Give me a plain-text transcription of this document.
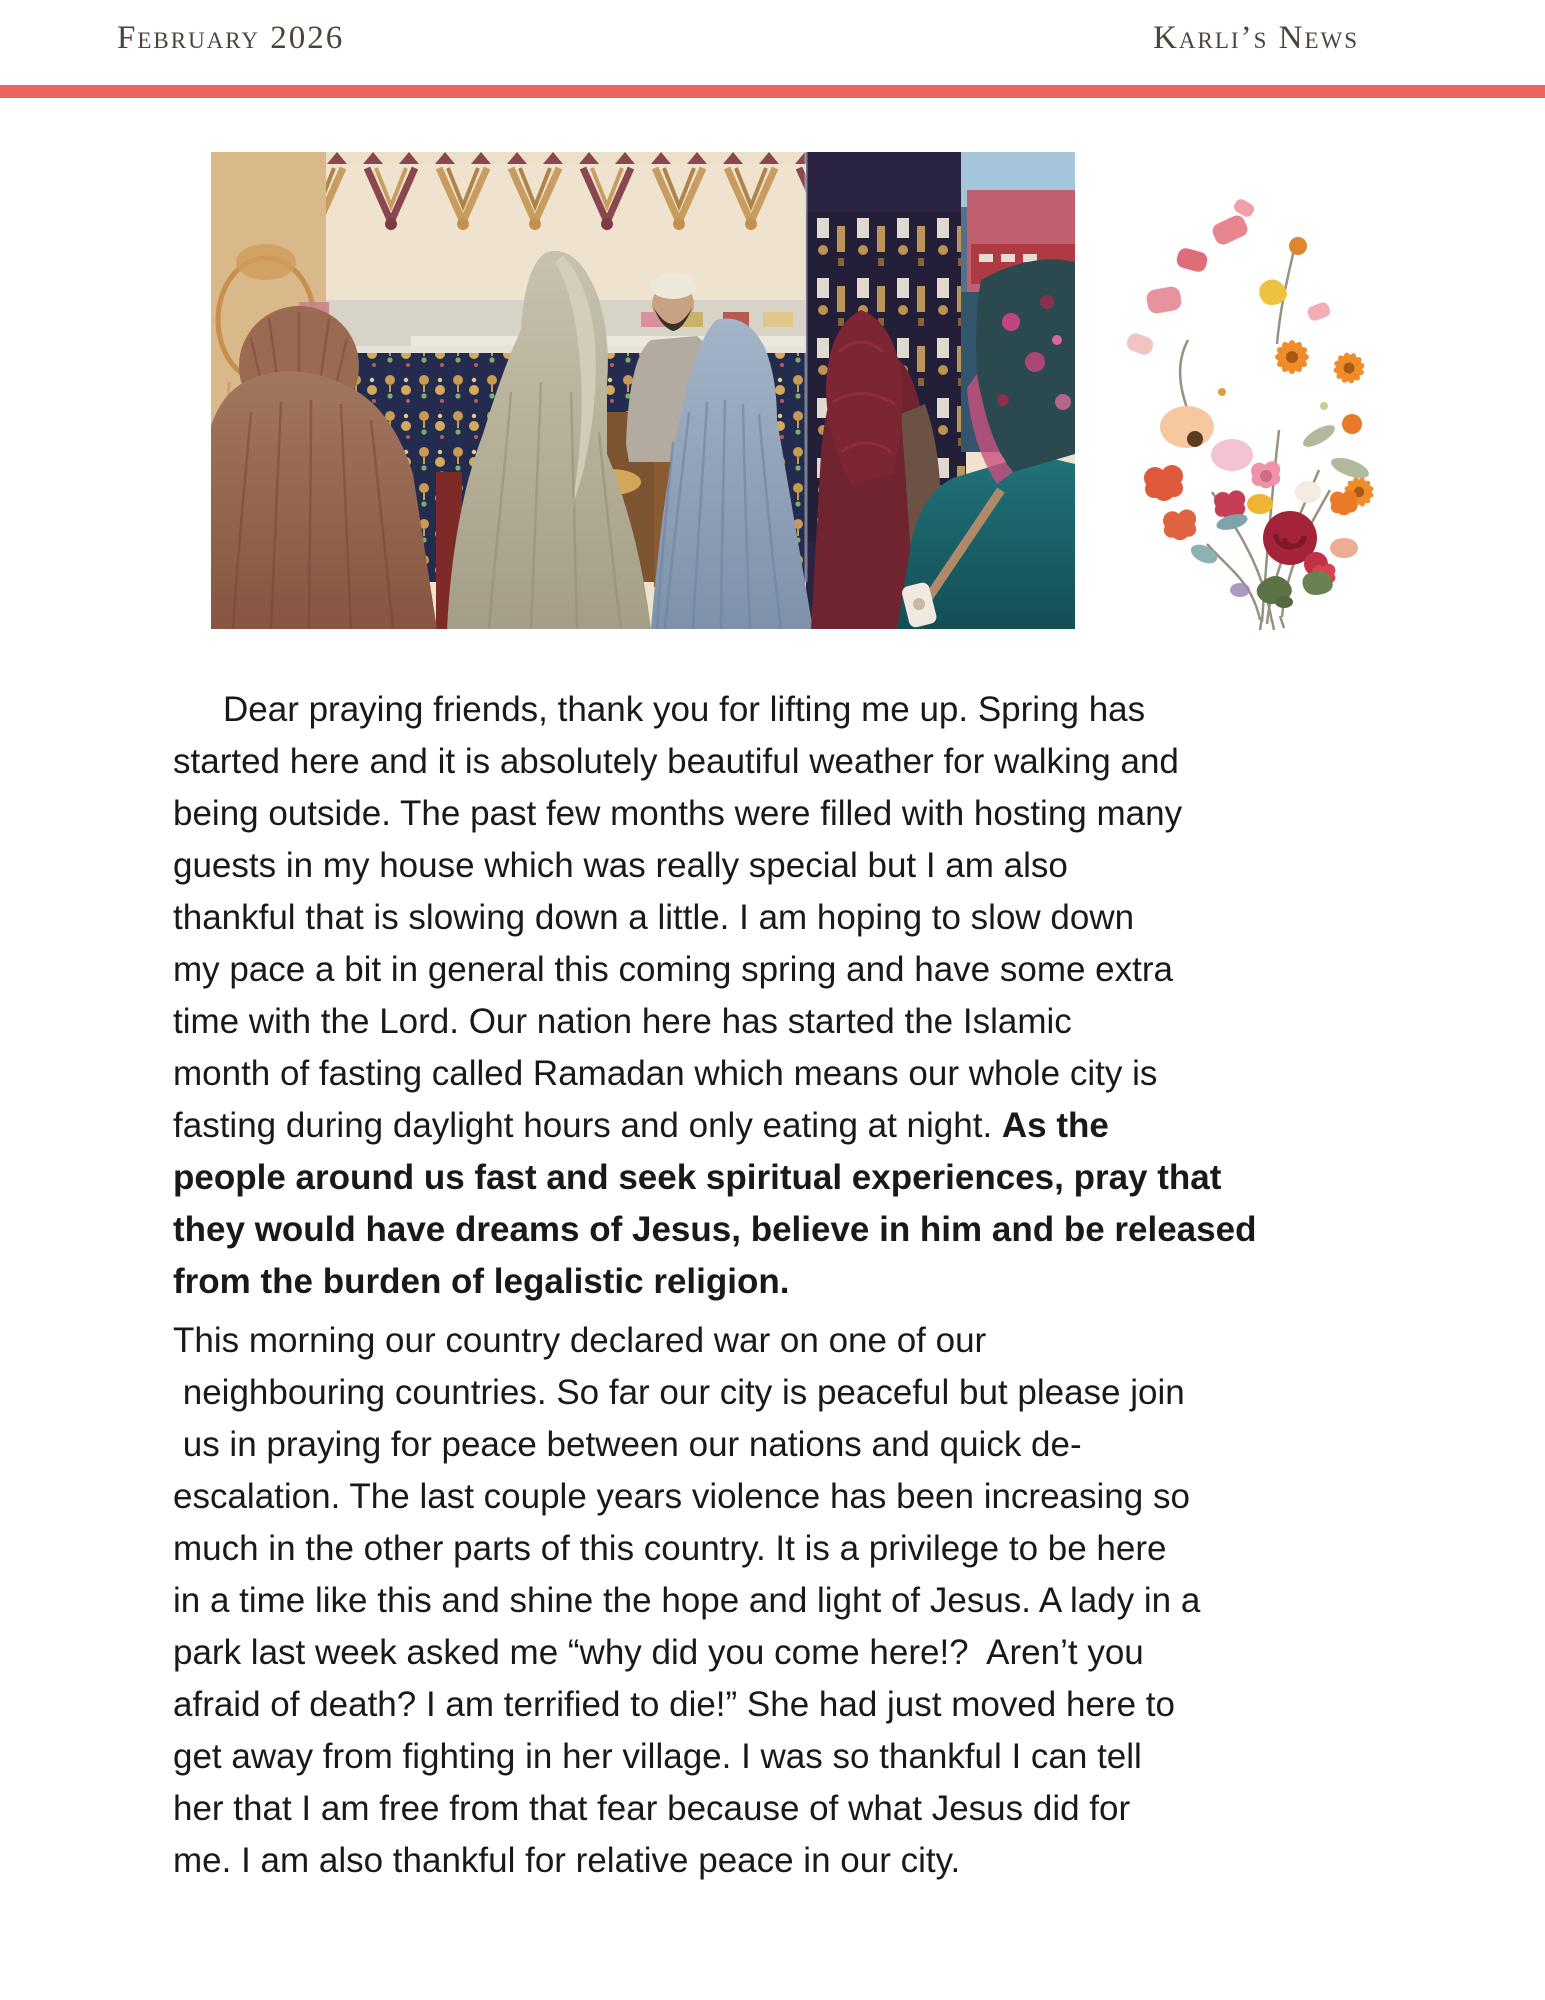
February 2026	Karli’s News
Dear praying friends, thank you for lifting me up. Spring has
started here and it is absolutely beautiful weather for walking and
being outside. The past few months were filled with hosting many
guests in my house which was really special but I am also
thankful that is slowing down a little. I am hoping to slow down
my pace a bit in general this coming spring and have some extra
time with the Lord. Our nation here has started the Islamic
month of fasting called Ramadan which means our whole city is
fasting during daylight hours and only eating at night. As the
people around us fast and seek spiritual experiences, pray that
they would have dreams of Jesus, believe in him and be released
from the burden of legalistic religion.
This morning our country declared war on one of our
neighbouring countries. So far our city is peaceful but please join
us in praying for peace between our nations and quick de-
escalation. The last couple years violence has been increasing so
much in the other parts of this country. It is a privilege to be here
in a time like this and shine the hope and light of Jesus. A lady in a
park last week asked me “why did you come here!?  Aren’t you
afraid of death? I am terrified to die!” She had just moved here to
get away from fighting in her village. I was so thankful I can tell
her that I am free from that fear because of what Jesus did for
me. I am also thankful for relative peace in our city.
